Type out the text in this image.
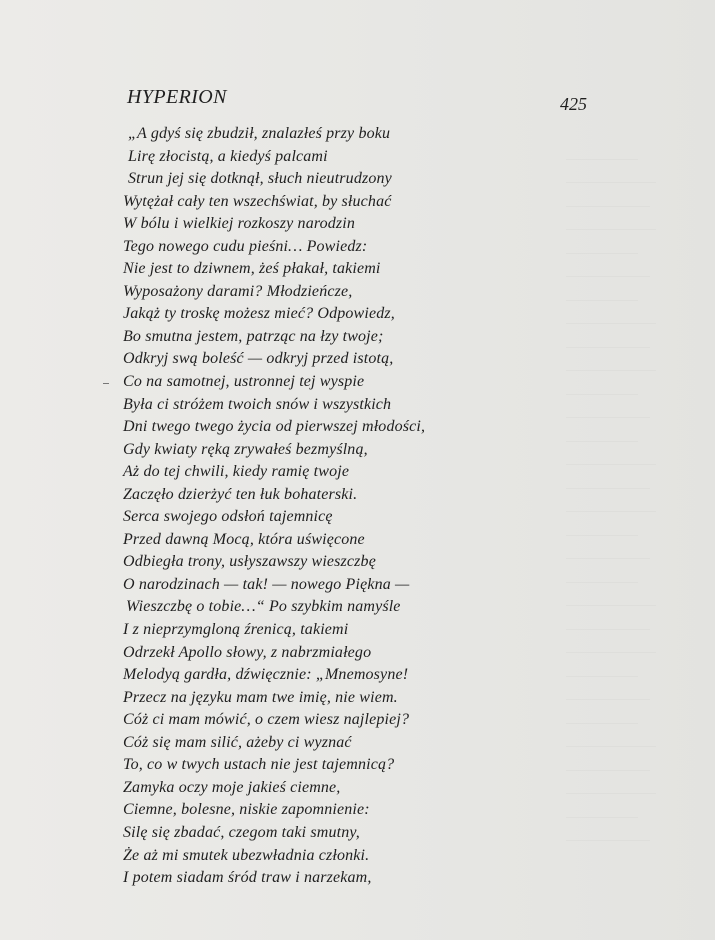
HYPERION	425
„A gdyś się zbudził, znalazłeś przy boku
Lirę złocistą, a kiedyś palcami
Strun jej się dotknął, słuch nieutrudzony
Wytężał cały ten wszechświat, by słuchać
W bólu i wielkiej rozkoszy narodzin
Tego nowego cudu pieśni… Powiedz:
Nie jest to dziwnem, żeś płakał, takiemi
Wyposażony darami? Młodzieńcze,
Jakąż ty troskę możesz mieć? Odpowiedz,
Bo smutna jestem, patrząc na łzy twoje;
Odkryj swą boleść — odkryj przed istotą,
Co na samotnej, ustronnej tej wyspie
Była ci stróżem twoich snów i wszystkich
Dni twego twego życia od pierwszej młodości,
Gdy kwiaty ręką zrywałeś bezmyślną,
Aż do tej chwili, kiedy ramię twoje
Zaczęło dzierżyć ten łuk bohaterski.
Serca swojego odsłoń tajemnicę
Przed dawną Mocą, która uświęcone
Odbiegła trony, usłyszawszy wieszczbę
O narodzinach — tak! — nowego Piękna —
Wieszczbę o tobie…“ Po szybkim namyśle
I z nieprzymgloną źrenicą, takiemi
Odrzekł Apollo słowy, z nabrzmiałego
Melodyą gardła, dźwięcznie: „Mnemosyne!
Przecz na języku mam twe imię, nie wiem.
Cóż ci mam mówić, o czem wiesz najlepiej?
Cóż się mam silić, ażeby ci wyznać
To, co w twych ustach nie jest tajemnicą?
Zamyka oczy moje jakieś ciemne,
Ciemne, bolesne, niskie zapomnienie:
Silę się zbadać, czegom taki smutny,
Że aż mi smutek ubezwładnia członki.
I potem siadam śród traw i narzekam,
